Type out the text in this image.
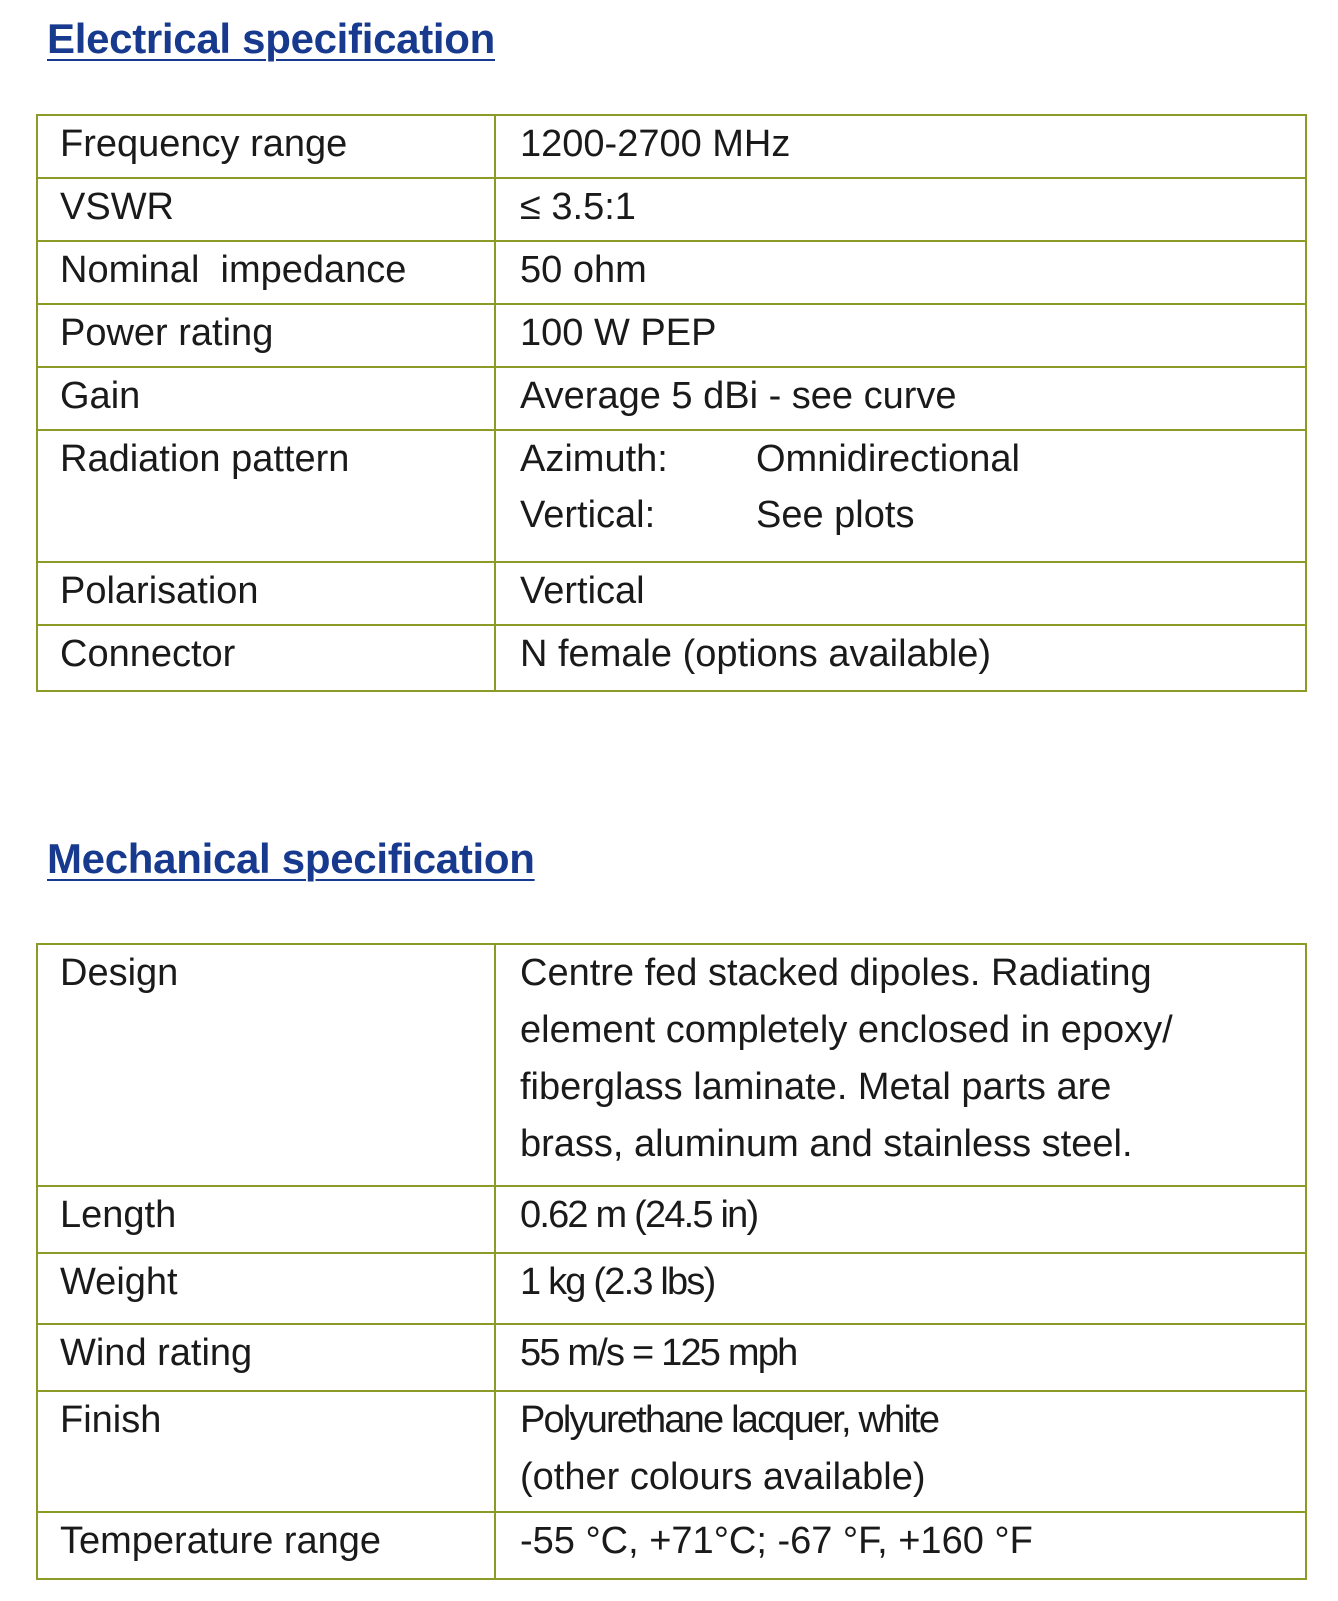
Electrical specification
Frequency range	1200-2700 MHz
VSWR	≤ 3.5:1
Nominal  impedance	50 ohm
Power rating	100 W PEP
Gain	Average 5 dBi - see curve
Radiation pattern	Azimuth: Omnidirectional
Vertical: See plots

Polarisation	Vertical
Connector	N female (options available)
Mechanical specification
Design	Centre fed stacked dipoles. Radiating
element completely enclosed in epoxy/
fiberglass laminate. Metal parts are
brass, aluminum and stainless steel.

Length	0.62 m (24.5 in)
Weight	1 kg (2.3 lbs)
Wind rating	55 m/s = 125 mph
Finish	Polyurethane lacquer, white
(other colours available)

Temperature range	-55 °C, +71°C; -67 °F, +160 °F
